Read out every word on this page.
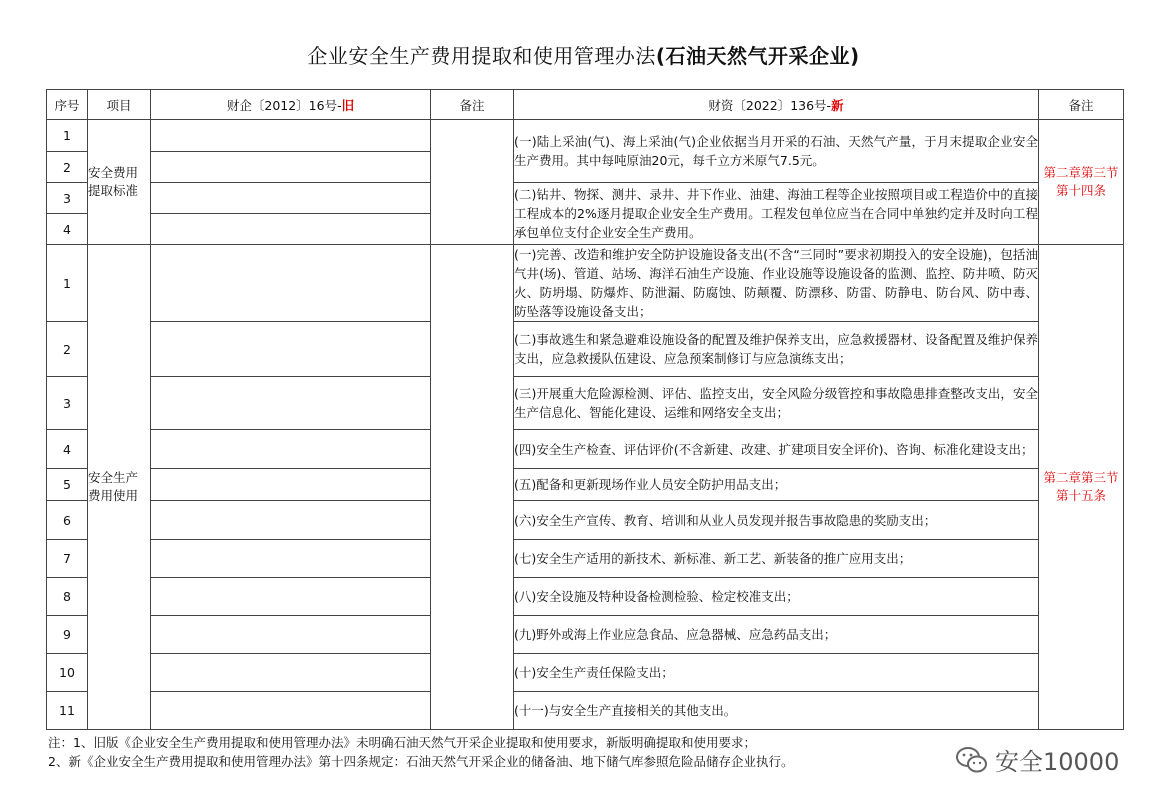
企业安全生产费用提取和使用管理办法(石油天然气开采企业)
序号	项目	财企〔2012〕16号-旧	备注	财资〔2022〕136号-新	备注
1	安全费用提取标准			(一)陆上采油(气)、海上采油(气)企业依据当月开采的石油、天然气产量，于月末提取企业安全生产费用。其中每吨原油20元，每千立方米原气7.5元。	第二章第三节第十四条
2					
3				(二)钻井、物探、测井、录井、井下作业、油建、海油工程等企业按照项目或工程造价中的直接工程成本的2%逐月提取企业安全生产费用。工程发包单位应当在合同中单独约定并及时向工程承包单位支付企业安全生产费用。	
4					
1	安全生产费用使用			(一)完善、改造和维护安全防护设施设备支出(不含“三同时”要求初期投入的安全设施)，包括油气井(场)、管道、站场、海洋石油生产设施、作业设施等设施设备的监测、监控、防井喷、防灭火、防坍塌、防爆炸、防泄漏、防腐蚀、防颠覆、防漂移、防雷、防静电、防台风、防中毒、防坠落等设施设备支出；	第二章第三节第十五条
2				(二)事故逃生和紧急避难设施设备的配置及维护保养支出，应急救援器材、设备配置及维护保养支出，应急救援队伍建设、应急预案制修订与应急演练支出；	
3				(三)开展重大危险源检测、评估、监控支出，安全风险分级管控和事故隐患排查整改支出，安全生产信息化、智能化建设、运维和网络安全支出；	
4				(四)安全生产检查、评估评价(不含新建、改建、扩建项目安全评价)、咨询、标准化建设支出；	
5				(五)配备和更新现场作业人员安全防护用品支出；	
6				(六)安全生产宣传、教育、培训和从业人员发现并报告事故隐患的奖励支出；	
7				(七)安全生产适用的新技术、新标准、新工艺、新装备的推广应用支出；	
8				(八)安全设施及特种设备检测检验、检定校准支出；	
9				(九)野外或海上作业应急食品、应急器械、应急药品支出；	
10				(十)安全生产责任保险支出；	
11				(十一)与安全生产直接相关的其他支出。	
注：1、旧版《企业安全生产费用提取和使用管理办法》未明确石油天然气开采企业提取和使用要求，新版明确提取和使用要求；
2、新《企业安全生产费用提取和使用管理办法》第十四条规定：石油天然气开采企业的储备油、地下储气库参照危险品储存企业执行。	安全10000
